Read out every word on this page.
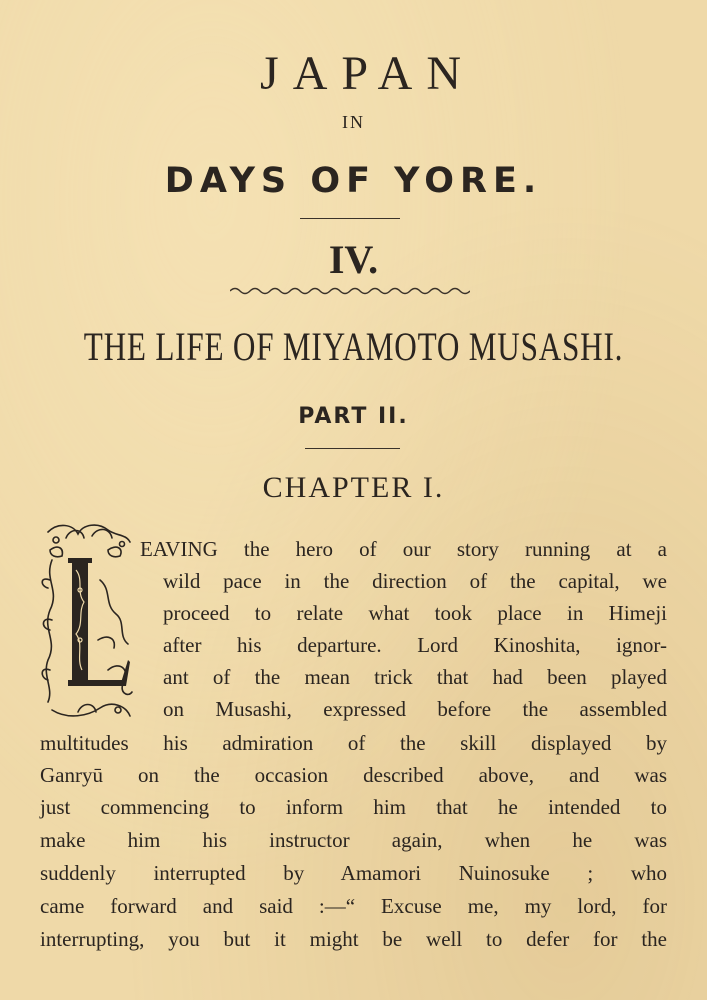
JAPAN
IN
DAYS OF YORE.
IV.
THE LIFE OF MIYAMOTO MUSASHI.
PART II.
CHAPTER I.
EAVING the hero of our story running at a
wild pace in the direction of the capital, we
proceed to relate what took place in Himeji
after his departure. Lord Kinoshita, ignor-
ant of the mean trick that had been played
on Musashi, expressed before the assembled
multitudes his admiration of the skill displayed by
Ganryū on the occasion described above, and was
just commencing to inform him that he intended to
make him his instructor again, when he was
suddenly interrupted by Amamori Nuinosuke ; who
came forward and said :—“ Excuse me, my lord, for
interrupting, you but it might be well to defer for the
